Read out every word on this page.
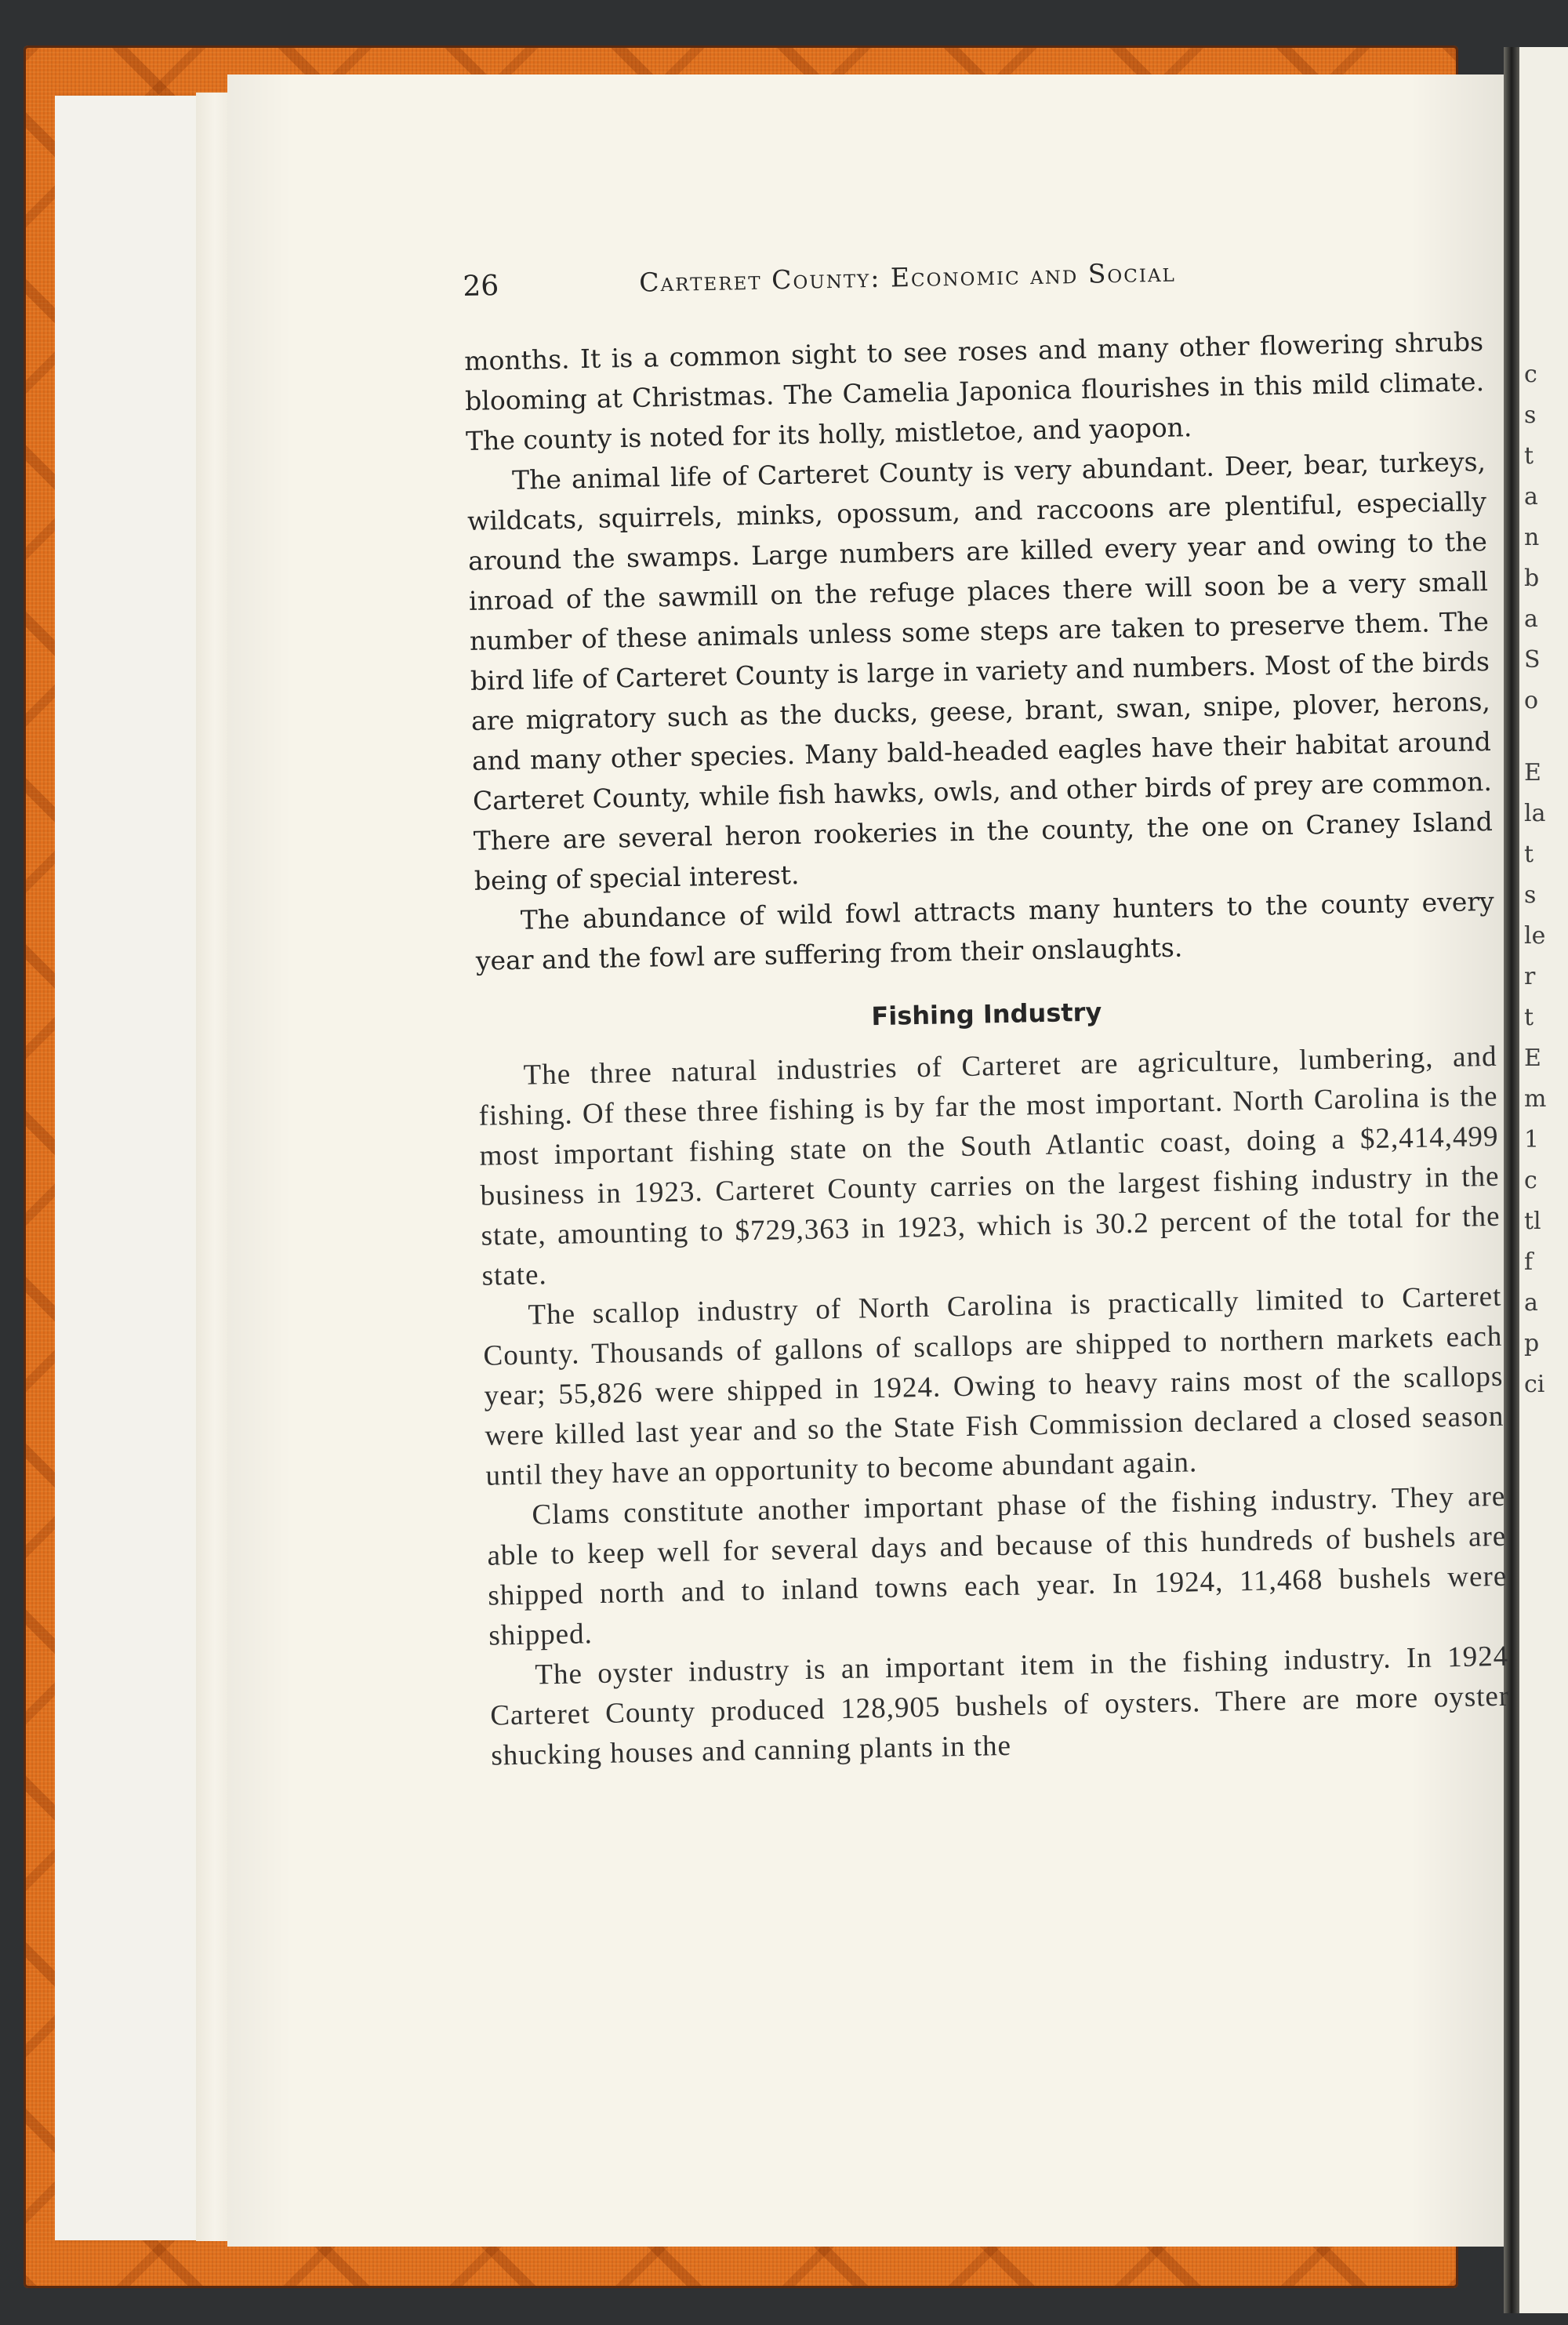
c
s
t
a
n
b
a
S
o
E
la
t
s
le
r
t
E
m
1
c
tl
f
a
p
ci
26	Carteret County: Economic and Social

months. It is a common sight to see roses and many other flowering shrubs blooming at Christmas. The Camelia Japonica flourishes in this mild climate. The county is noted for its holly, mistletoe, and yaopon.

The animal life of Carteret County is very abundant. Deer, bear, turkeys, wildcats, squirrels, minks, opossum, and raccoons are plentiful, especially around the swamps. Large numbers are killed every year and owing to the inroad of the sawmill on the refuge places there will soon be a very small number of these animals unless some steps are taken to preserve them. The bird life of Carteret County is large in variety and numbers. Most of the birds are migratory such as the ducks, geese, brant, swan, snipe, plover, herons, and many other species. Many bald-headed eagles have their habitat around Carteret County, while fish hawks, owls, and other birds of prey are common. There are several heron rookeries in the county, the one on Craney Island being of special interest.

The abundance of wild fowl attracts many hunters to the county every year and the fowl are suffering from their onslaughts.

Fishing Industry

The three natural industries of Carteret are agriculture, lumbering, and fishing. Of these three fishing is by far the most important. North Carolina is the most important fishing state on the South Atlantic coast, doing a $2,414,499 business in 1923. Carteret County carries on the largest fishing industry in the state, amounting to $729,363 in 1923, which is 30.2 percent of the total for the state.

The scallop industry of North Carolina is practically limited to Carteret County. Thousands of gallons of scallops are shipped to northern markets each year; 55,826 were shipped in 1924. Owing to heavy rains most of the scallops were killed last year and so the State Fish Commission declared a closed season until they have an opportunity to become abundant again.

Clams constitute another important phase of the fishing industry. They are able to keep well for several days and because of this hundreds of bushels are shipped north and to inland towns each year. In 1924, 11,468 bushels were shipped.

The oyster industry is an important item in the fishing industry. In 1924 Carteret County produced 128,905 bushels of oysters. There are more oyster shucking houses and canning plants in the
